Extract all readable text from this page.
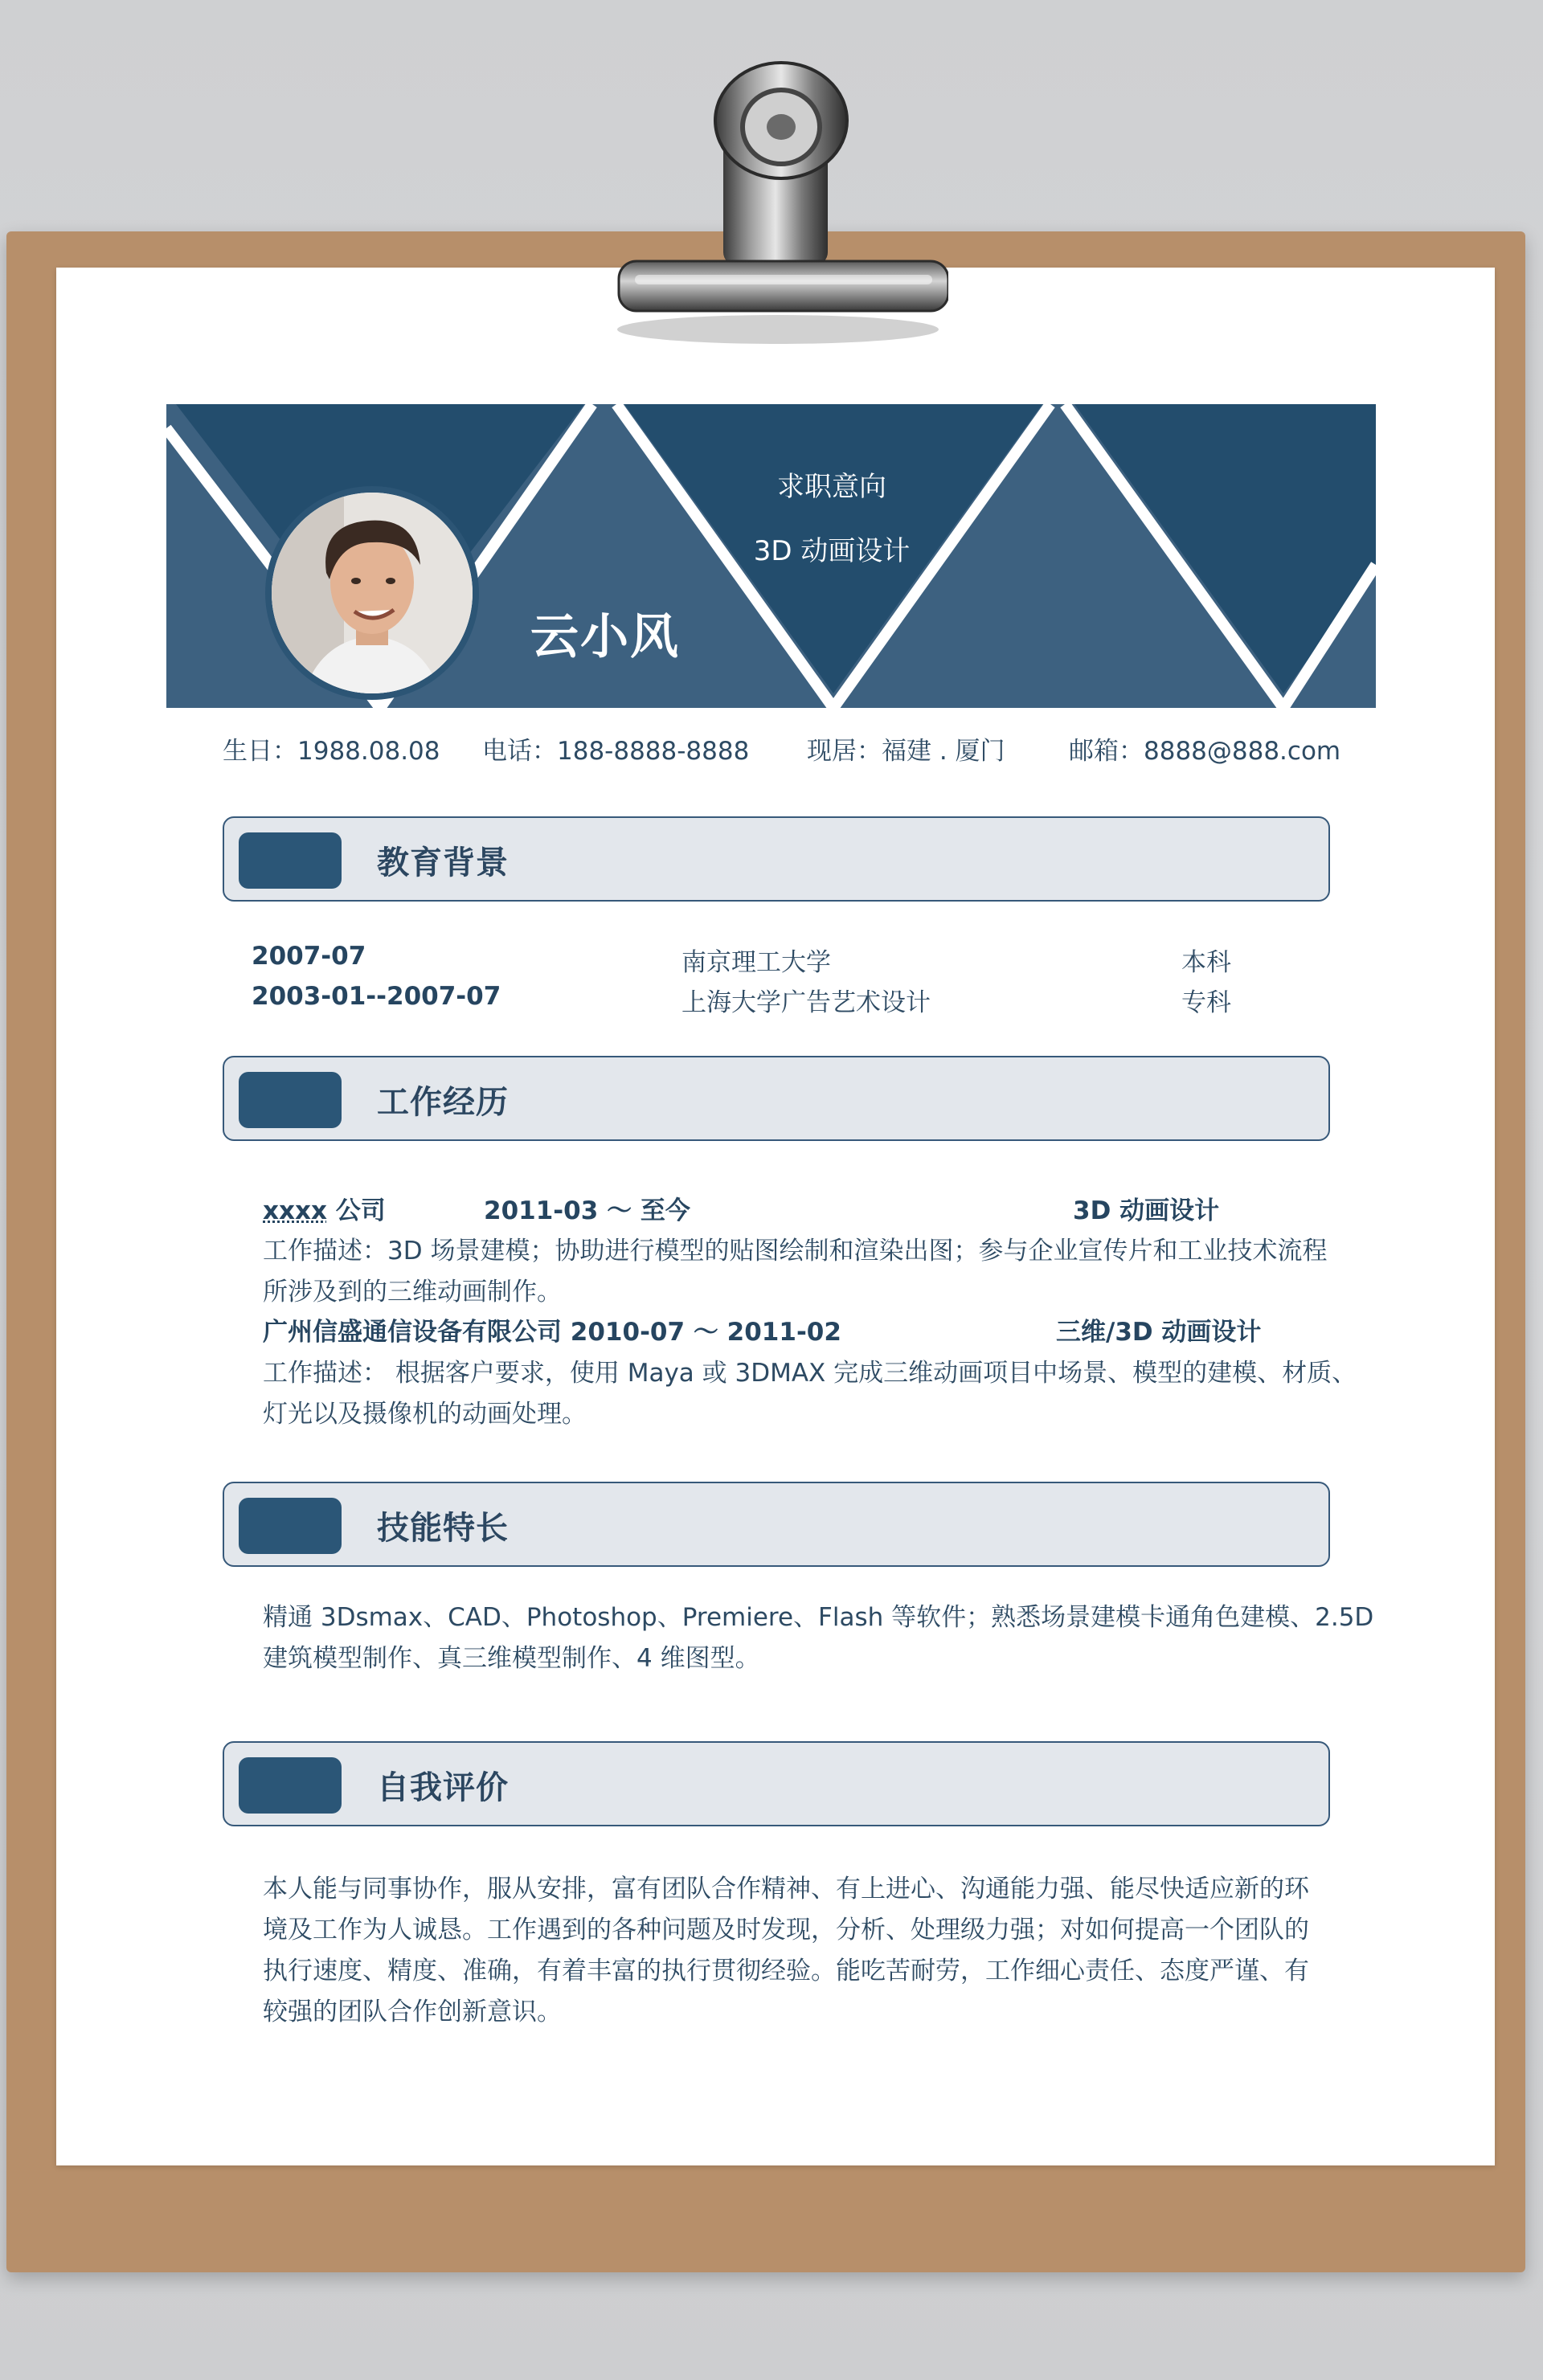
云小风
求职意向
3D 动画设计
生日：1988.08.08 电话：188-8888-8888 现居：福建 . 厦门	邮箱：8888@888.com
教育背景
2007-07	南京理工大学	本科
2003-01--2007-07	上海大学广告艺术设计	专科
工作经历
xxxx 公司	2011-03 ～ 至今	3D 动画设计
工作描述：3D 场景建模；协助进行模型的贴图绘制和渲染出图；参与企业宣传片和工业技术流程
所涉及到的三维动画制作。
广州信盛通信设备有限公司 2010-07 ～ 2011-02	三维/3D 动画设计
工作描述： 根据客户要求，使用 Maya 或 3DMAX 完成三维动画项目中场景、模型的建模、材质、
灯光以及摄像机的动画处理。
技能特长
精通 3Dsmax、CAD、Photoshop、Premiere、Flash 等软件；熟悉场景建模卡通角色建模、2.5D
建筑模型制作、真三维模型制作、4 维图型。
自我评价
本人能与同事协作，服从安排，富有团队合作精神、有上进心、沟通能力强、能尽快适应新的环
境及工作为人诚恳。工作遇到的各种问题及时发现，分析、处理级力强；对如何提高一个团队的
执行速度、精度、准确，有着丰富的执行贯彻经验。能吃苦耐劳，工作细心责任、态度严谨、有
较强的团队合作创新意识。
